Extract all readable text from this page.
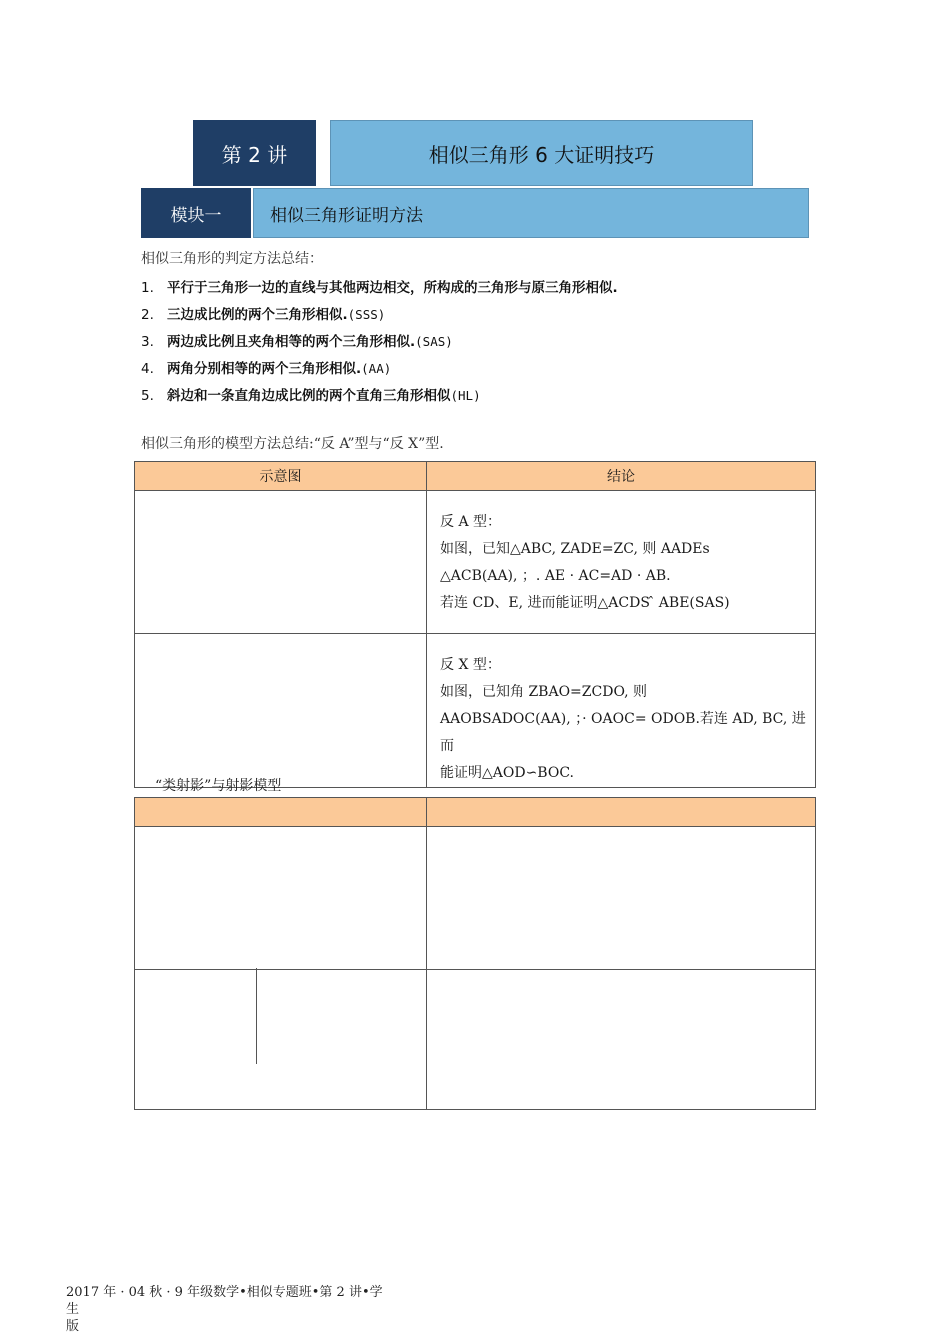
第 2 讲	相似三角形 6 大证明技巧
模块一	相似三角形证明方法
相似三角形的判定方法总结：
1. 平行于三角形一边的直线与其他两边相交，所构成的三角形与原三角形相似.
2. 三边成比例的两个三角形相似.(SSS)
3. 两边成比例且夹角相等的两个三角形相似.(SAS)
4. 两角分别相等的两个三角形相似.(AA)
5. 斜边和一条直角边成比例的两个直角三角形相似(HL)
相似三角形的模型方法总结:“反 A”型与“反 X”型.
示意图	结论

	反 A 型：
如图，已知△ABC, ZADE=ZC, 则 AADEs
△ACB(AA), ；. AE · AC=AD · AB.
若连 CD、E, 进而能证明△ACDS ̂ ABE(SAS)

	反 X 型：
如图，已知角 ZBAO=ZCDO, 则
AAOBSADOC(AA), ；· OAOC= ODOB.若连 AD, BC, 进而
能证明△AOD∽BOC.
“类射影”与射影模型

2017 年 · 04 秋 · 9 年级数学•相似专题班•第 2 讲•学生
版
